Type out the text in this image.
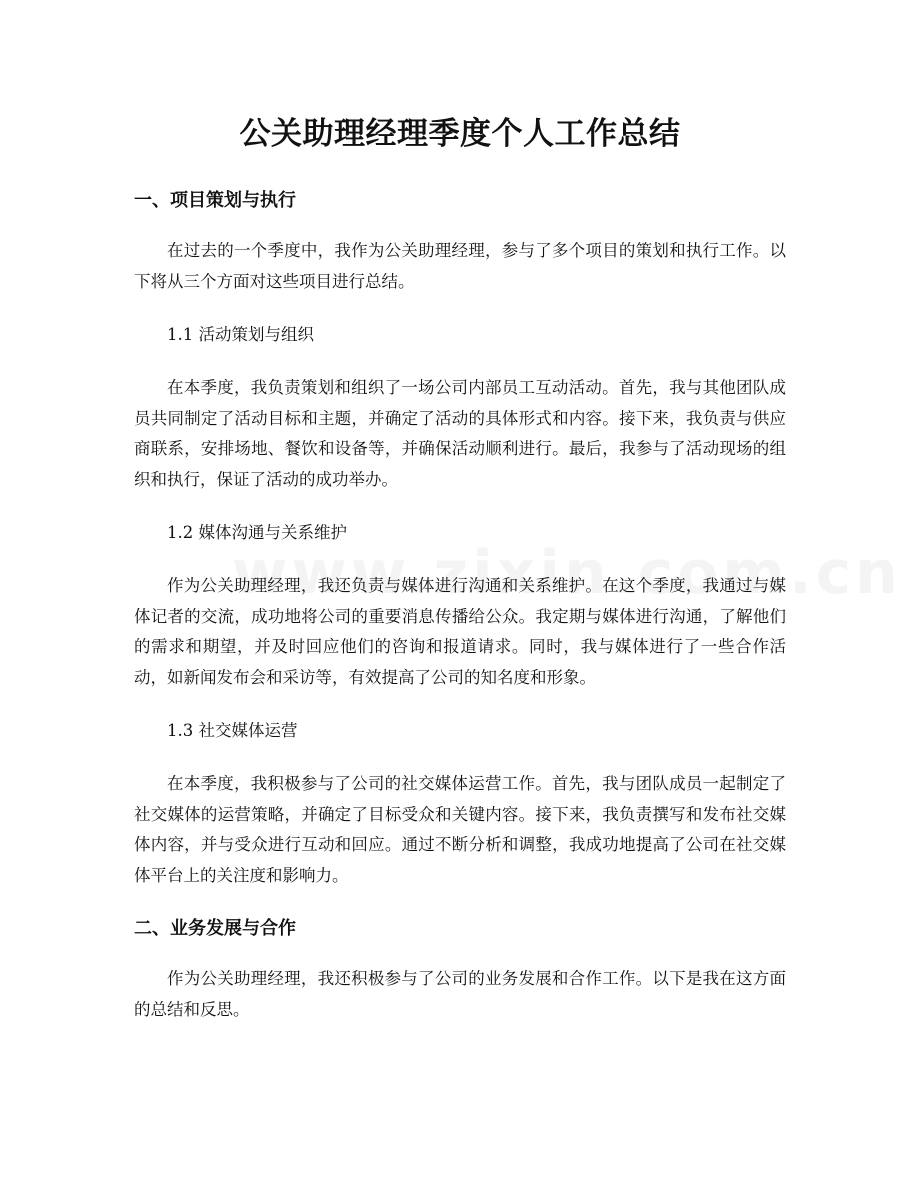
公关助理经理季度个人工作总结
一、项目策划与执行

在过去的一个季度中，我作为公关助理经理，参与了多个项目的策划和执行工作。以下将从三个方面对这些项目进行总结。

1.1 活动策划与组织

在本季度，我负责策划和组织了一场公司内部员工互动活动。首先，我与其他团队成员共同制定了活动目标和主题，并确定了活动的具体形式和内容。接下来，我负责与供应商联系，安排场地、餐饮和设备等，并确保活动顺利进行。最后，我参与了活动现场的组织和执行，保证了活动的成功举办。

1.2 媒体沟通与关系维护

作为公关助理经理，我还负责与媒体进行沟通和关系维护。在这个季度，我通过与媒体记者的交流，成功地将公司的重要消息传播给公众。我定期与媒体进行沟通，了解他们的需求和期望，并及时回应他们的咨询和报道请求。同时，我与媒体进行了一些合作活动，如新闻发布会和采访等，有效提高了公司的知名度和形象。

1.3 社交媒体运营

在本季度，我积极参与了公司的社交媒体运营工作。首先，我与团队成员一起制定了社交媒体的运营策略，并确定了目标受众和关键内容。接下来，我负责撰写和发布社交媒体内容，并与受众进行互动和回应。通过不断分析和调整，我成功地提高了公司在社交媒体平台上的关注度和影响力。

二、业务发展与合作

作为公关助理经理，我还积极参与了公司的业务发展和合作工作。以下是我在这方面的总结和反思。
